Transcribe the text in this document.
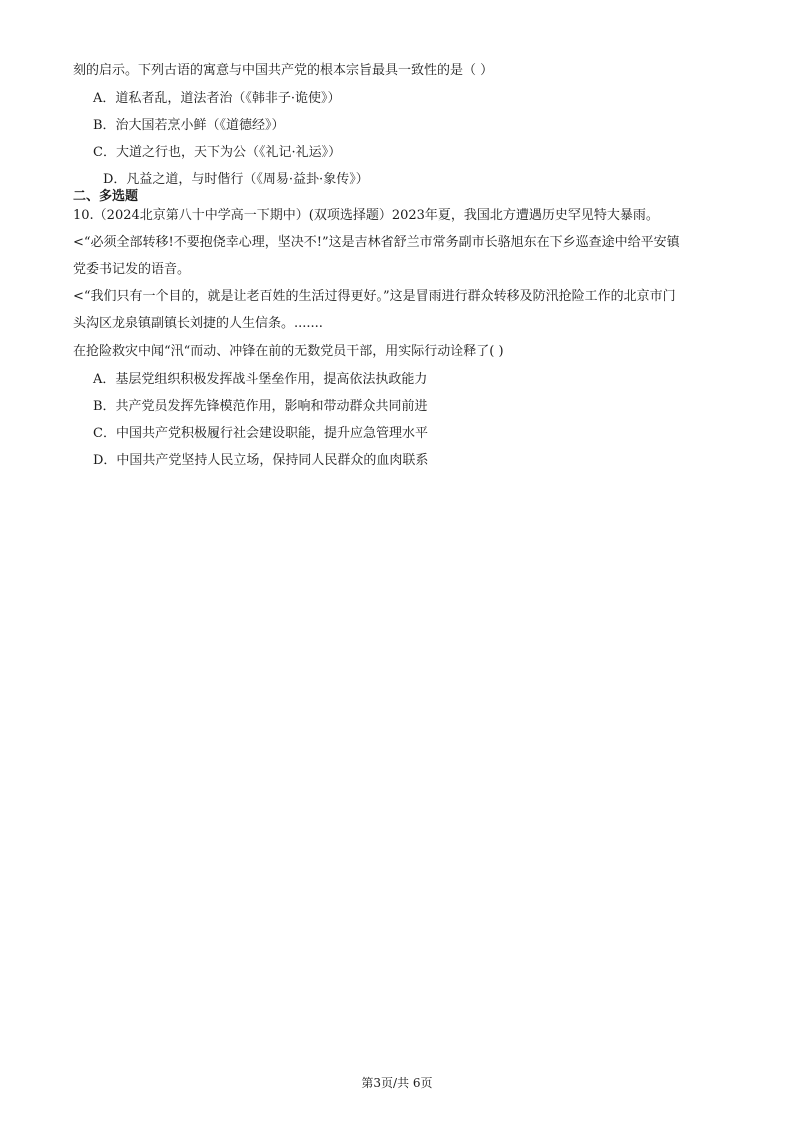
刻的启示。下列古语的寓意与中国共产党的根本宗旨最具一致性的是（ ）
A．道私者乱，道法者治（《韩非子·诡使》）
B．治大国若烹小鲜（《道德经》）
C．大道之行也，天下为公（《礼记·礼运》）
D．凡益之道，与时偕行（《周易·益卦·象传》）
二、多选题
10.（2024北京第八十中学高一下期中）(双项选择题）2023年夏，我国北方遭遇历史罕见特大暴雨。
<“必须全部转移!不要抱侥幸心理，坚决不!”这是吉林省舒兰市常务副市长骆旭东在下乡巡查途中给平安镇
党委书记发的语音。
<“我们只有一个目的，就是让老百姓的生活过得更好。”这是冒雨进行群众转移及防汛抢险工作的北京市门
头沟区龙泉镇副镇长刘捷的人生信条。.......
在抢险救灾中闻“汛“而动、冲锋在前的无数党员干部，用实际行动诠释了( )
A．基层党组织积极发挥战斗堡垒作用，提高依法执政能力
B．共产党员发挥先锋模范作用，影响和带动群众共同前进
C．中国共产党积极履行社会建设职能，提升应急管理水平
D．中国共产党坚持人民立场，保持同人民群众的血肉联系
第3页/共 6页
